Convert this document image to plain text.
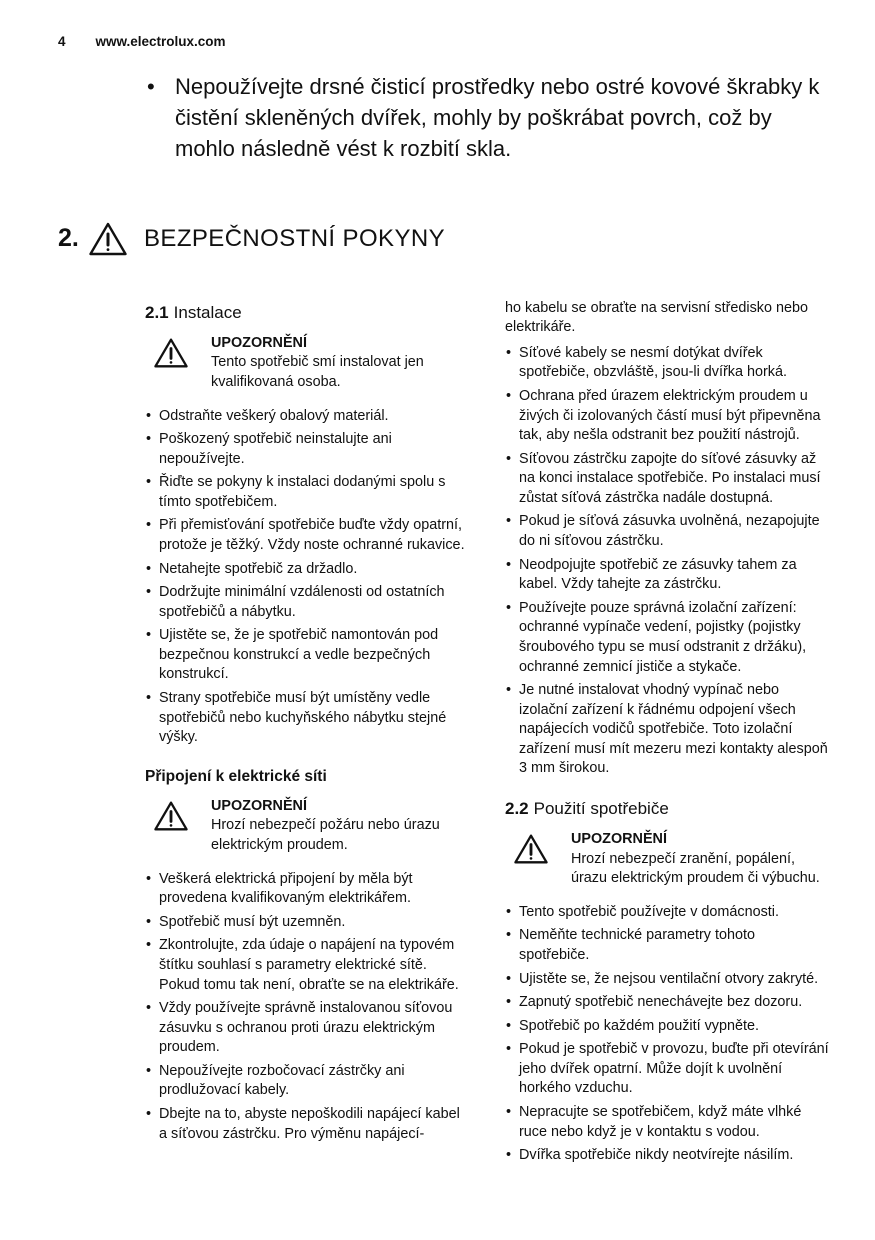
4 www.electrolux.com
• Nepoužívejte drsné čisticí prostředky nebo ostré kovové škrabky k čistění skleněných dvířek, mohly by poškrábat povrch, což by mohlo následně vést k rozbití skla.
2.	BEZPEČNOSTNÍ POKYNY
2.1 Instalace
UPOZORNĚNÍ
Tento spotřebič smí instalovat jen kvalifikovaná osoba.
• Odstraňte veškerý obalový materiál.
• Poškozený spotřebič neinstalujte ani nepoužívejte.
• Řiďte se pokyny k instalaci dodanými spolu s tímto spotřebičem.
• Při přemisťování spotřebiče buďte vždy opatrní, protože je těžký. Vždy noste ochranné rukavice.
• Netahejte spotřebič za držadlo.
• Dodržujte minimální vzdálenosti od ostatních spotřebičů a nábytku.
• Ujistěte se, že je spotřebič namontován pod bezpečnou konstrukcí a vedle bezpečných konstrukcí.
• Strany spotřebiče musí být umístěny vedle spotřebičů nebo kuchyňského nábytku stejné výšky.
Připojení k elektrické síti
UPOZORNĚNÍ
Hrozí nebezpečí požáru nebo úrazu elektrickým proudem.
• Veškerá elektrická připojení by měla být provedena kvalifikovaným elektrikářem.
• Spotřebič musí být uzemněn.
• Zkontrolujte, zda údaje o napájení na typovém štítku souhlasí s parametry elektrické sítě. Pokud tomu tak není, obraťte se na elektrikáře.
• Vždy používejte správně instalovanou síťovou zásuvku s ochranou proti úrazu elektrickým proudem.
• Nepoužívejte rozbočovací zástrčky ani prodlužovací kabely.
• Dbejte na to, abyste nepoškodili napájecí kabel a síťovou zástrčku. Pro výměnu napájecí-

ho kabelu se obraťte na servisní středisko nebo elektrikáře.

• Síťové kabely se nesmí dotýkat dvířek spotřebiče, obzvláště, jsou-li dvířka horká.
• Ochrana před úrazem elektrickým proudem u živých či izolovaných částí musí být připevněna tak, aby nešla odstranit bez použití nástrojů.
• Síťovou zástrčku zapojte do síťové zásuvky až na konci instalace spotřebiče. Po instalaci musí zůstat síťová zástrčka nadále dostupná.
• Pokud je síťová zásuvka uvolněná, nezapojujte do ni síťovou zástrčku.
• Neodpojujte spotřebič ze zásuvky tahem za kabel. Vždy tahejte za zástrčku.
• Používejte pouze správná izolační zařízení: ochranné vypínače vedení, pojistky (pojistky šroubového typu se musí odstranit z držáku), ochranné zemnicí jističe a stykače.
• Je nutné instalovat vhodný vypínač nebo izolační zařízení k řádnému odpojení všech napájecích vodičů spotřebiče. Toto izolační zařízení musí mít mezeru mezi kontakty alespoň 3 mm širokou.
2.2 Použití spotřebiče
UPOZORNĚNÍ
Hrozí nebezpečí zranění, popálení, úrazu elektrickým proudem či výbuchu.
• Tento spotřebič používejte v domácnosti.
• Neměňte technické parametry tohoto spotřebiče.
• Ujistěte se, že nejsou ventilační otvory zakryté.
• Zapnutý spotřebič nenechávejte bez dozoru.
• Spotřebič po každém použití vypněte.
• Pokud je spotřebič v provozu, buďte při otevírání jeho dvířek opatrní. Může dojít k uvolnění horkého vzduchu.
• Nepracujte se spotřebičem, když máte vlhké ruce nebo když je v kontaktu s vodou.
• Dvířka spotřebiče nikdy neotvírejte násilím.
